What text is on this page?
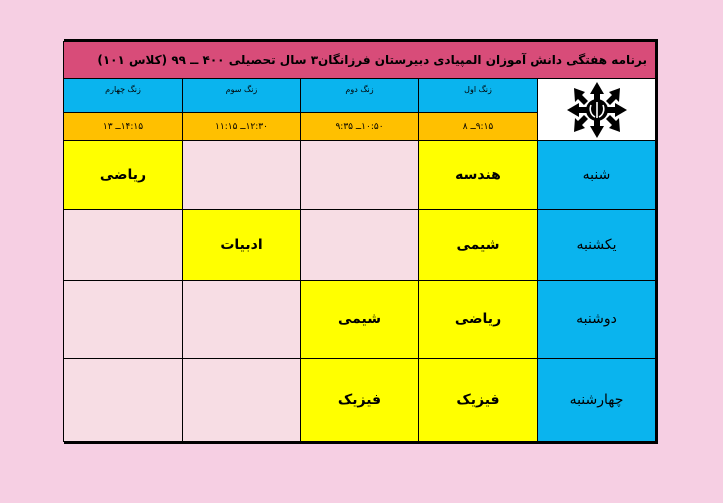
برنامه هفتگی دانش آموزان المپیادی دبیرستان فرزانگان۳ سال تحصیلی ۴۰۰ ــ ۹۹ (کلاس ۱۰۱)				

	زنگ اول	زنگ دوم	زنگ سوم	زنگ چهارم
	۹:۱۵ــ ۸	۱۰:۵۰ــ ۹:۳۵	۱۲:۳۰ــ ۱۱:۱۵	۱۴:۱۵ــ ۱۳
شنبه	هندسه			ریاضی
یکشنبه	شیمی		ادبیات	
دوشنبه	ریاضی	شیمی		
چهارشنبه	فیزیک	فیزیک		
